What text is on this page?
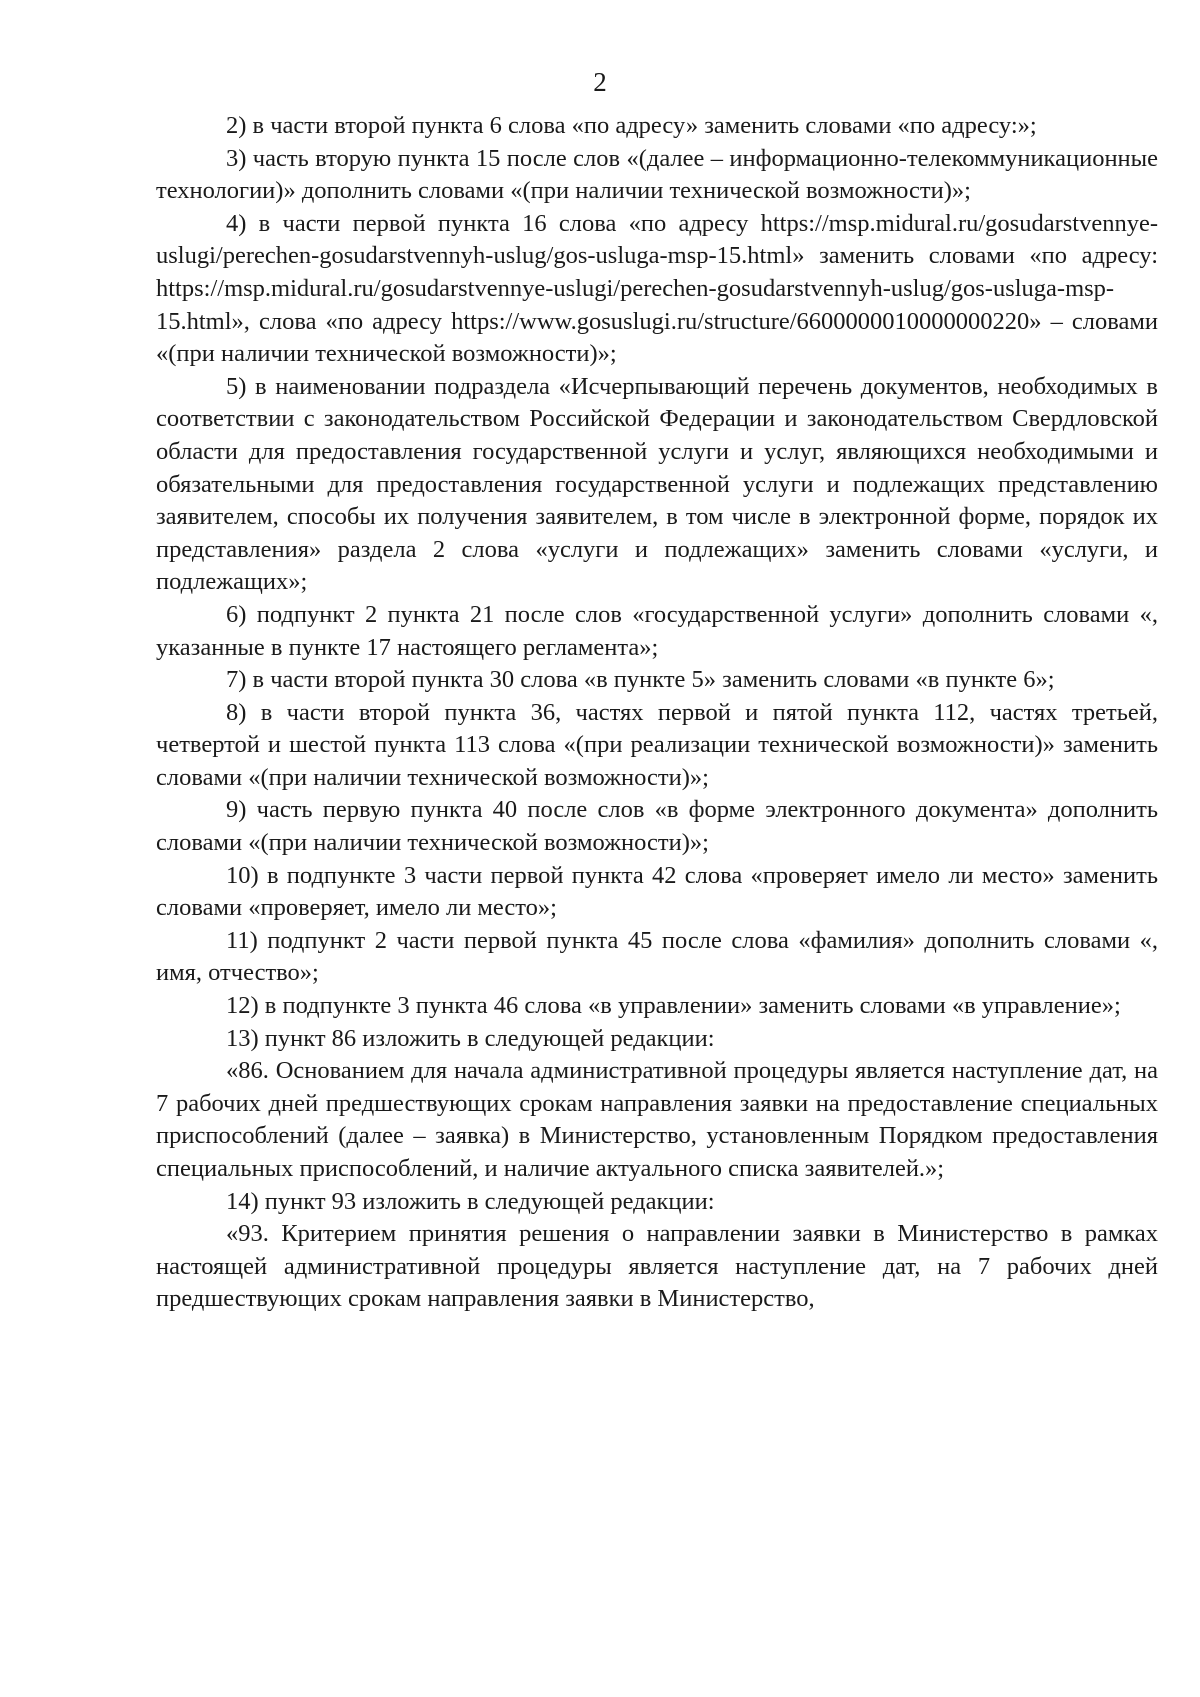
2

2) в части второй пункта 6 слова «по адресу» заменить словами «по адресу:»;

3) часть вторую пункта 15 после слов «(далее – информационно-телекоммуникационные технологии)» дополнить словами «(при наличии технической возможности)»;

4) в части первой пункта 16 слова «по адресу https://msp.midural.ru/gosudarstvennye-uslugi/perechen-gosudarstvennyh-uslug/gos-usluga-msp-15.html» заменить словами «по адресу: https://msp.midural.ru/gosudarstvennye-uslugi/perechen-gosudarstvennyh-uslug/gos-usluga-msp-15.html», слова «по адресу https://www.gosuslugi.ru/structure/6600000010000000220» – словами «(при наличии технической возможности)»;

5) в наименовании подраздела «Исчерпывающий перечень документов, необходимых в соответствии с законодательством Российской Федерации и законодательством Свердловской области для предоставления государственной услуги и услуг, являющихся необходимыми и обязательными для предоставления государственной услуги и подлежащих представлению заявителем, способы их получения заявителем, в том числе в электронной форме, порядок их представления» раздела 2 слова «услуги и подлежащих» заменить словами «услуги, и подлежащих»;

6) подпункт 2 пункта 21 после слов «государственной услуги» дополнить словами «, указанные в пункте 17 настоящего регламента»;

7) в части второй пункта 30 слова «в пункте 5» заменить словами «в пункте 6»;

8) в части второй пункта 36, частях первой и пятой пункта 112, частях третьей, четвертой и шестой пункта 113 слова «(при реализации технической возможности)» заменить словами «(при наличии технической возможности)»;

9) часть первую пункта 40 после слов «в форме электронного документа» дополнить словами «(при наличии технической возможности)»;

10) в подпункте 3 части первой пункта 42 слова «проверяет имело ли место» заменить словами «проверяет, имело ли место»;

11) подпункт 2 части первой пункта 45 после слова «фамилия» дополнить словами «, имя, отчество»;

12) в подпункте 3 пункта 46 слова «в управлении» заменить словами «в управление»;

13) пункт 86 изложить в следующей редакции:

«86. Основанием для начала административной процедуры является наступление дат, на 7 рабочих дней предшествующих срокам направления заявки на предоставление специальных приспособлений (далее – заявка) в Министерство, установленным Порядком предоставления специальных приспособлений, и наличие актуального списка заявителей.»;

14) пункт 93 изложить в следующей редакции:

«93. Критерием принятия решения о направлении заявки в Министерство в рамках настоящей административной процедуры является наступление дат, на 7 рабочих дней предшествующих срокам направления заявки в Министерство,
